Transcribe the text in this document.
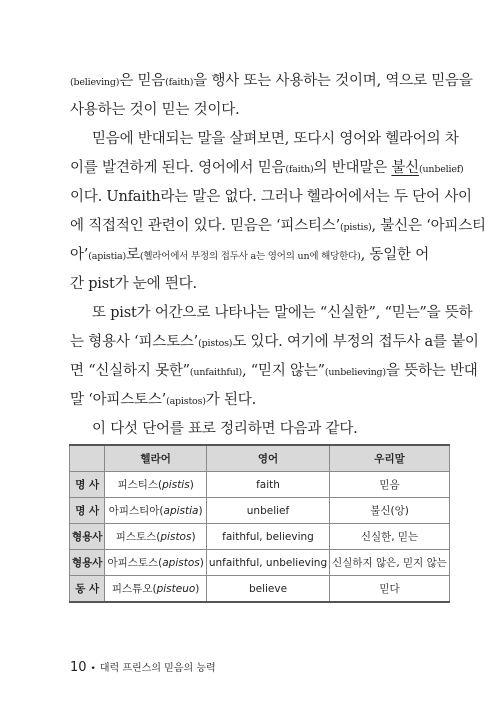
(believing)은 믿음(faith)을 행사 또는 사용하는 것이며, 역으로 믿음을
사용하는 것이 믿는 것이다.
믿음에 반대되는 말을 살펴보면, 또다시 영어와 헬라어의 차
이를 발견하게 된다. 영어에서 믿음(faith)의 반대말은 불신(unbelief)
이다. Unfaith라는 말은 없다. 그러나 헬라어에서는 두 단어 사이
에 직접적인 관련이 있다. 믿음은 ‘피스티스’(pistis), 불신은 ‘아피스티
아’(apistia)로(헬라어에서 부정의 접두사 a는 영어의 un에 해당한다), 동일한 어
간 pist가 눈에 띈다.
또 pist가 어간으로 나타나는 말에는 “신실한”, “믿는”을 뜻하
는 형용사 ‘피스토스’(pistos)도 있다. 여기에 부정의 접두사 a를 붙이
면 “신실하지 못한”(unfaithful), “믿지 않는”(unbelieving)을 뜻하는 반대
말 ‘아피스토스’(apistos)가 된다.
이 다섯 단어를 표로 정리하면 다음과 같다.
	헬라어	영어	우리말
명 사	피스티스(pistis)	faith	믿음
명 사	아피스티아(apistia)	unbelief	불신(앙)
형용사	피스토스(pistos)	faithful, believing	신실한, 믿는
형용사	아피스토스(apistos)	unfaithful, unbelieving	신실하지 않은, 믿지 않는
동 사	피스튜오(pisteuo)	believe	믿다
10 • 대럭 프린스의 믿음의 능력
